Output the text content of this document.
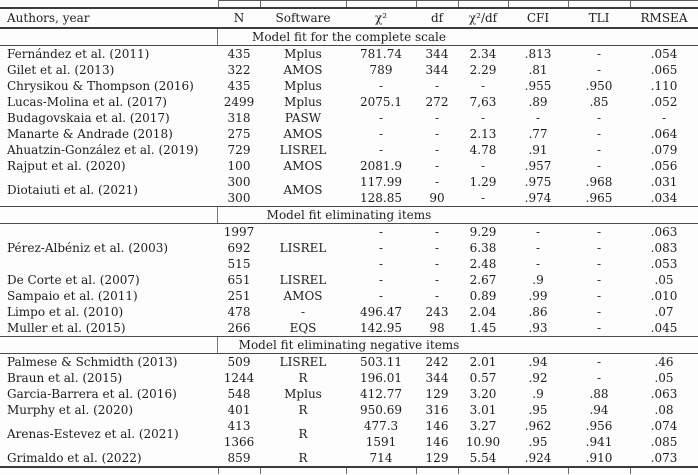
Authors, year	N	Software	χ²	df	χ²/df	CFI	TLI	RMSEA
Model fit for the complete scale								
Fernández et al. (2011)	435	Mplus	781.74	344	2.34	.813	-	.054
Gilet et al. (2013)	322	AMOS	789	344	2.29	.81	-	.065
Chrysikou & Thompson (2016)	435	Mplus	-	-	-	.955	.950	.110
Lucas-Molina et al. (2017)	2499	Mplus	2075.1	272	7,63	.89	.85	.052
Budagovskaia et al. (2017)	318	PASW	-	-	-	-	-	-
Manarte & Andrade (2018)	275	AMOS	-	-	2.13	.77	-	.064
Ahuatzin-González et al. (2019)	729	LISREL	-	-	4.78	.91	-	.079
Rajput et al. (2020)	100	AMOS	2081.9	-	-	.957	-	.056
Diotaiuti et al. (2021)	300	AMOS	117.99	-	1.29	.975	.968	.031
	300		128.85	90	-	.974	.965	.034
Model fit eliminating items								
Pérez-Albéniz et al. (2003)	1997	LISREL	-	-	9.29	-	-	.063
	692		-	-	6.38	-	-	.083
	515		-	-	2.48	-	-	.053
De Corte et al. (2007)	651	LISREL	-	-	2.67	.9	-	.05
Sampaio et al. (2011)	251	AMOS	-	-	0.89	.99	-	.010
Limpo et al. (2010)	478	-	496.47	243	2.04	.86	-	.07
Muller et al. (2015)	266	EQS	142.95	98	1.45	.93	-	.045
Model fit eliminating negative items								
Palmese & Schmidth (2013)	509	LISREL	503.11	242	2.01	.94	-	.46
Braun et al. (2015)	1244	R	196.01	344	0.57	.92	-	.05
Garcia-Barrera et al. (2016)	548	Mplus	412.77	129	3.20	.9	.88	.063
Murphy et al. (2020)	401	R	950.69	316	3.01	.95	.94	.08
Arenas-Estevez et al. (2021)	413	R	477.3	146	3.27	.962	.956	.074
	1366		1591	146	10.90	.95	.941	.085
Grimaldo et al. (2022)	859	R	714	129	5.54	.924	.910	.073
